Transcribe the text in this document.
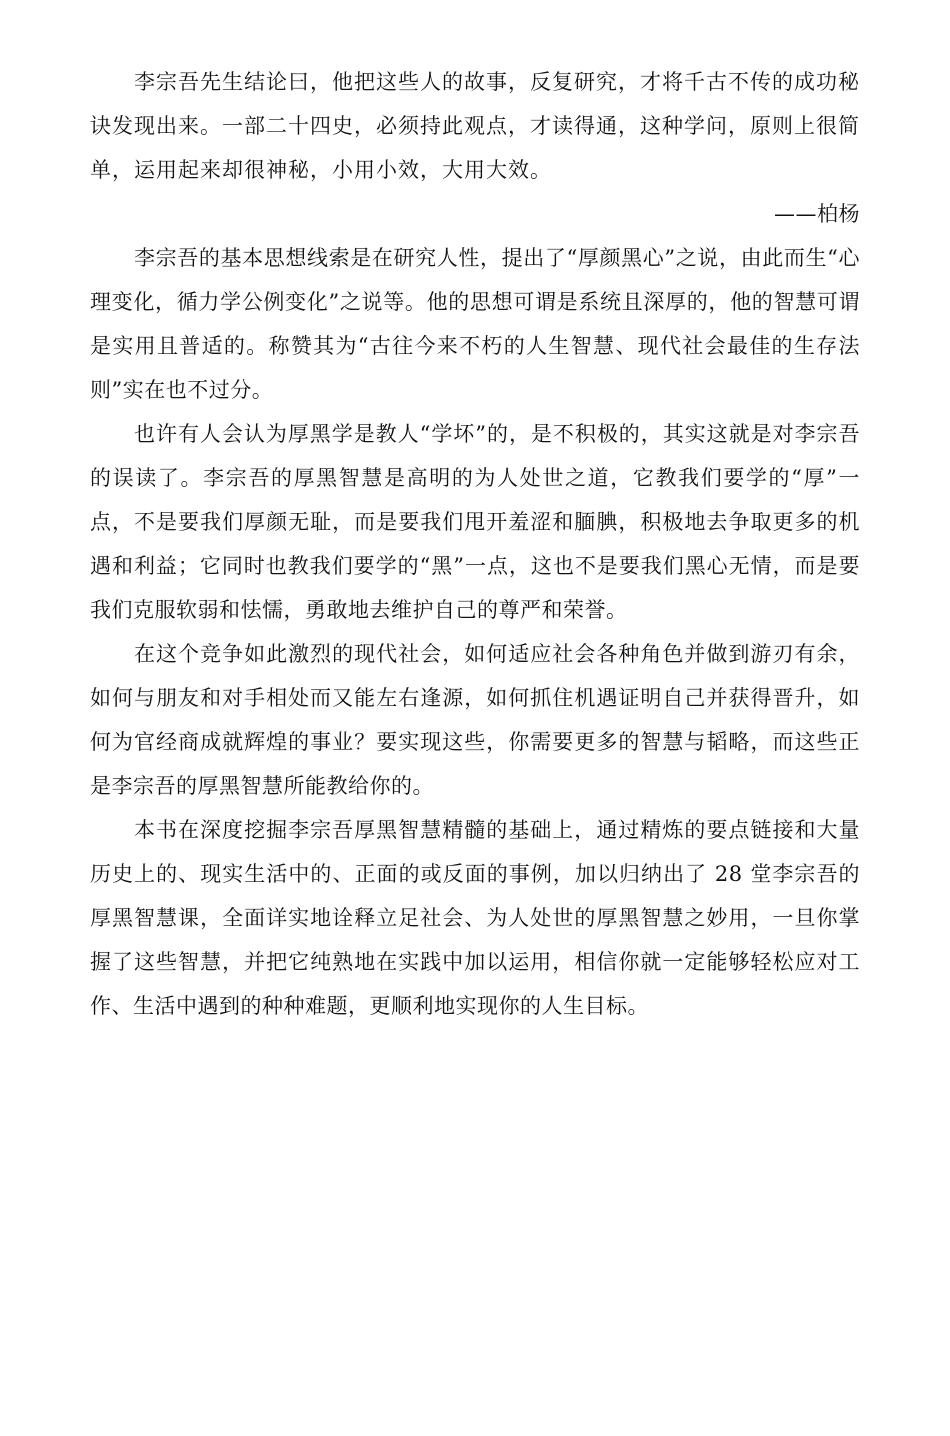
李宗吾先生结论曰，他把这些人的故事，反复研究，才将千古不传的成功秘诀发现出来。一部二十四史，必须持此观点，才读得通，这种学问，原则上很简单，运用起来却很神秘，小用小效，大用大效。

——柏杨

李宗吾的基本思想线索是在研究人性，提出了“厚颜黑心”之说，由此而生“心理变化，循力学公例变化”之说等。他的思想可谓是系统且深厚的，他的智慧可谓是实用且普适的。称赞其为“古往今来不朽的人生智慧、现代社会最佳的生存法则”实在也不过分。

也许有人会认为厚黑学是教人“学坏”的，是不积极的，其实这就是对李宗吾的误读了。李宗吾的厚黑智慧是高明的为人处世之道，它教我们要学的“厚”一点，不是要我们厚颜无耻，而是要我们甩开羞涩和腼腆，积极地去争取更多的机遇和利益；它同时也教我们要学的“黑”一点，这也不是要我们黑心无情，而是要我们克服软弱和怯懦，勇敢地去维护自己的尊严和荣誉。

在这个竞争如此激烈的现代社会，如何适应社会各种角色并做到游刃有余，如何与朋友和对手相处而又能左右逢源，如何抓住机遇证明自己并获得晋升，如何为官经商成就辉煌的事业？要实现这些，你需要更多的智慧与韬略，而这些正是李宗吾的厚黑智慧所能教给你的。

本书在深度挖掘李宗吾厚黑智慧精髓的基础上，通过精炼的要点链接和大量历史上的、现实生活中的、正面的或反面的事例，加以归纳出了 28 堂李宗吾的厚黑智慧课，全面详实地诠释立足社会、为人处世的厚黑智慧之妙用，一旦你掌握了这些智慧，并把它纯熟地在实践中加以运用，相信你就一定能够轻松应对工作、生活中遇到的种种难题，更顺利地实现你的人生目标。
